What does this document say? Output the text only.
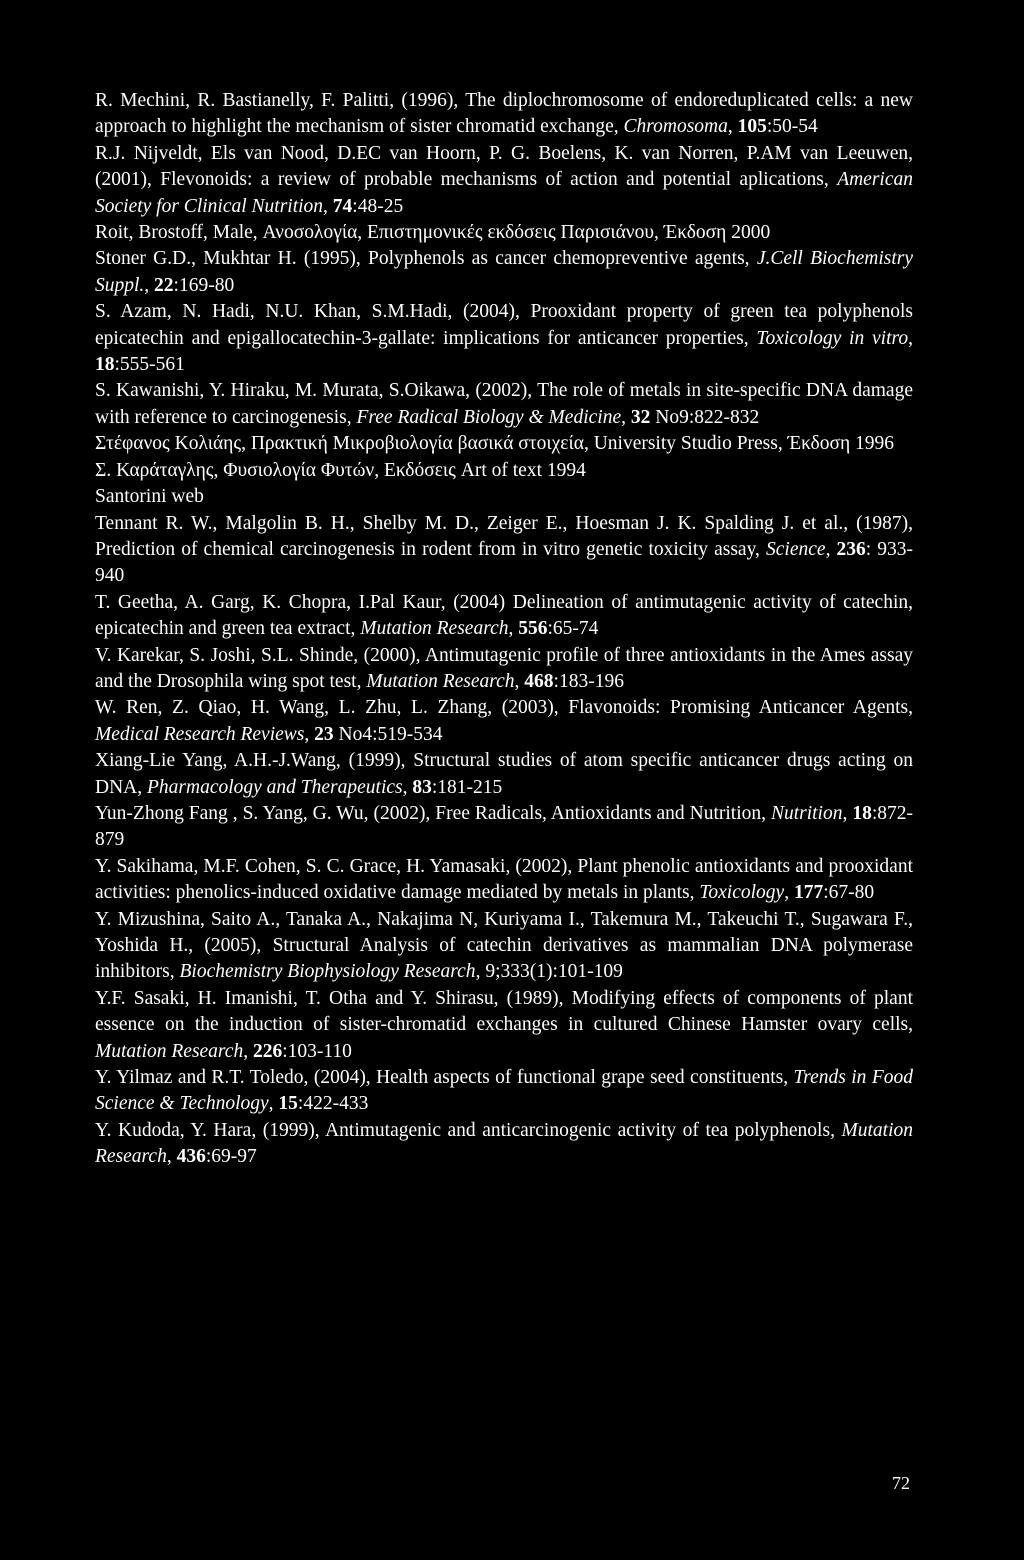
R. Mechini, R. Bastianelly, F. Palitti, (1996), The diplochromosome of endoreduplicated cells: a new approach to highlight the mechanism of sister chromatid exchange, Chromosoma, 105:50-54

R.J. Nijveldt, Els van Nood, D.EC van Hoorn, P. G. Boelens, K. van Norren, P.AM van Leeuwen, (2001), Flevonoids: a review of probable mechanisms of action and potential aplications, American Society for Clinical Nutrition, 74:48-25

Roit, Brostoff, Male, Ανοσολογία, Επιστημονικές εκδόσεις Παρισιάνου, Έκδοση 2000

Stoner G.D., Mukhtar H. (1995), Polyphenols as cancer chemopreventive agents, J.Cell Biochemistry Suppl., 22:169-80

S. Azam, N. Hadi, N.U. Khan, S.M.Hadi, (2004), Prooxidant property of green tea polyphenols epicatechin and epigallocatechin-3-gallate: implications for anticancer properties, Toxicology in vitro, 18:555-561

S. Kawanishi, Y. Hiraku, M. Murata, S.Oikawa, (2002), The role of metals in site-specific DNA damage with reference to carcinogenesis, Free Radical Biology & Medicine, 32 No9:822-832

Στέφανος Κολιάης, Πρακτική Μικροβιολογία βασικά στοιχεία, University Studio Press, Έκδοση 1996

Σ. Καράταγλης, Φυσιολογία Φυτών, Εκδόσεις Art of text 1994

Santorini web

Tennant R. W., Malgolin B. H., Shelby M. D., Zeiger E., Hoesman J. K. Spalding J. et al., (1987), Prediction of chemical carcinogenesis in rodent from in vitro genetic toxicity assay, Science, 236: 933-940

T. Geetha, A. Garg, K. Chopra, I.Pal Kaur, (2004) Delineation of antimutagenic activity of catechin, epicatechin and green tea extract, Mutation Research, 556:65-74

V. Karekar, S. Joshi, S.L. Shinde, (2000), Antimutagenic profile of three antioxidants in the Ames assay and the Drosophila wing spot test, Mutation Research, 468:183-196

W. Ren, Z. Qiao, H. Wang, L. Zhu, L. Zhang, (2003), Flavonoids: Promising Anticancer Agents, Medical Research Reviews, 23 No4:519-534

Xiang-Lie Yang, A.H.-J.Wang, (1999), Structural studies of atom specific anticancer drugs acting on DNA, Pharmacology and Therapeutics, 83:181-215

Yun-Zhong Fang , S. Yang, G. Wu, (2002), Free Radicals, Antioxidants and Nutrition, Nutrition, 18:872-879

Y. Sakihama, M.F. Cohen, S. C. Grace, H. Yamasaki, (2002), Plant phenolic antioxidants and prooxidant activities: phenolics-induced oxidative damage mediated by metals in plants, Toxicology, 177:67-80

Y. Mizushina, Saito A., Tanaka A., Nakajima N, Kuriyama I., Takemura M., Takeuchi T., Sugawara F., Yoshida H., (2005), Structural Analysis of catechin derivatives as mammalian DNA polymerase inhibitors, Biochemistry Biophysiology Research, 9;333(1):101-109

Y.F. Sasaki, H. Imanishi, T. Otha and Y. Shirasu, (1989), Modifying effects of components of plant essence on the induction of sister-chromatid exchanges in cultured Chinese Hamster ovary cells, Mutation Research, 226:103-110

Y. Yilmaz and R.T. Toledo, (2004), Health aspects of functional grape seed constituents, Trends in Food Science & Technology, 15:422-433

Y. Kudoda, Y. Hara, (1999), Antimutagenic and anticarcinogenic activity of tea polyphenols, Mutation Research, 436:69-97

72
